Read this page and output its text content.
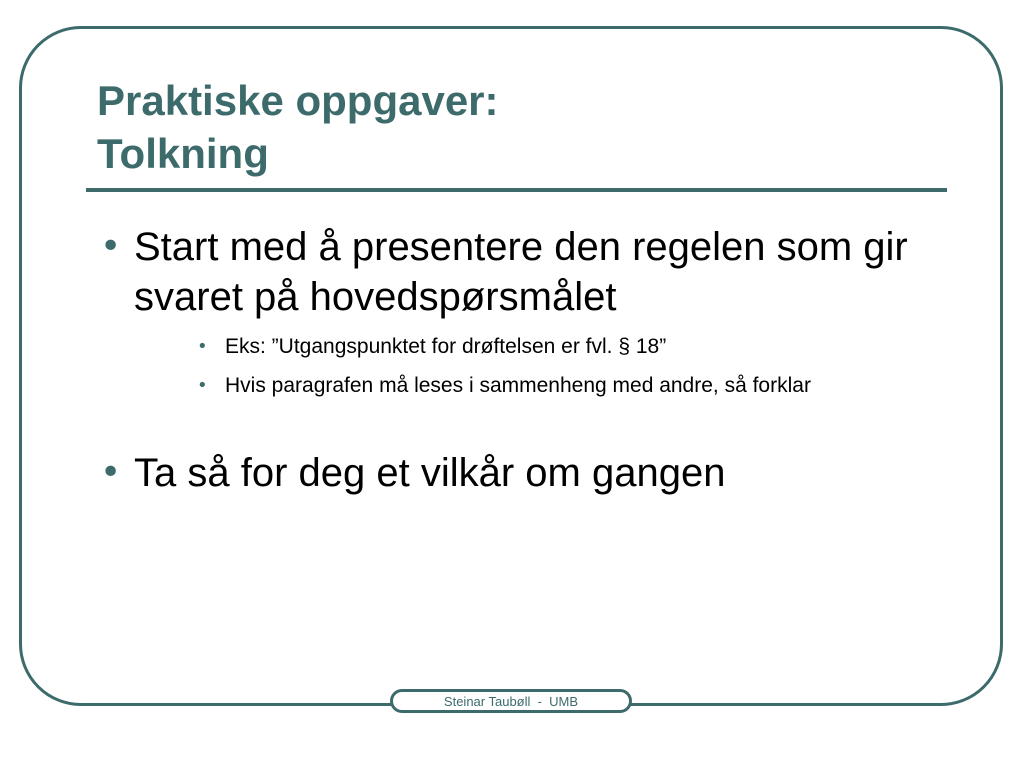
Praktiske oppgaver:
Tolkning
• Start med å presentere den regelen som gir svaret på hovedspørsmålet
• Eks: ”Utgangspunktet for drøftelsen er fvl. § 18”
• Hvis paragrafen må leses i sammenheng med andre, så forklar
• Ta så for deg et vilkår om gangen
Steinar Taubøll  -  UMB
